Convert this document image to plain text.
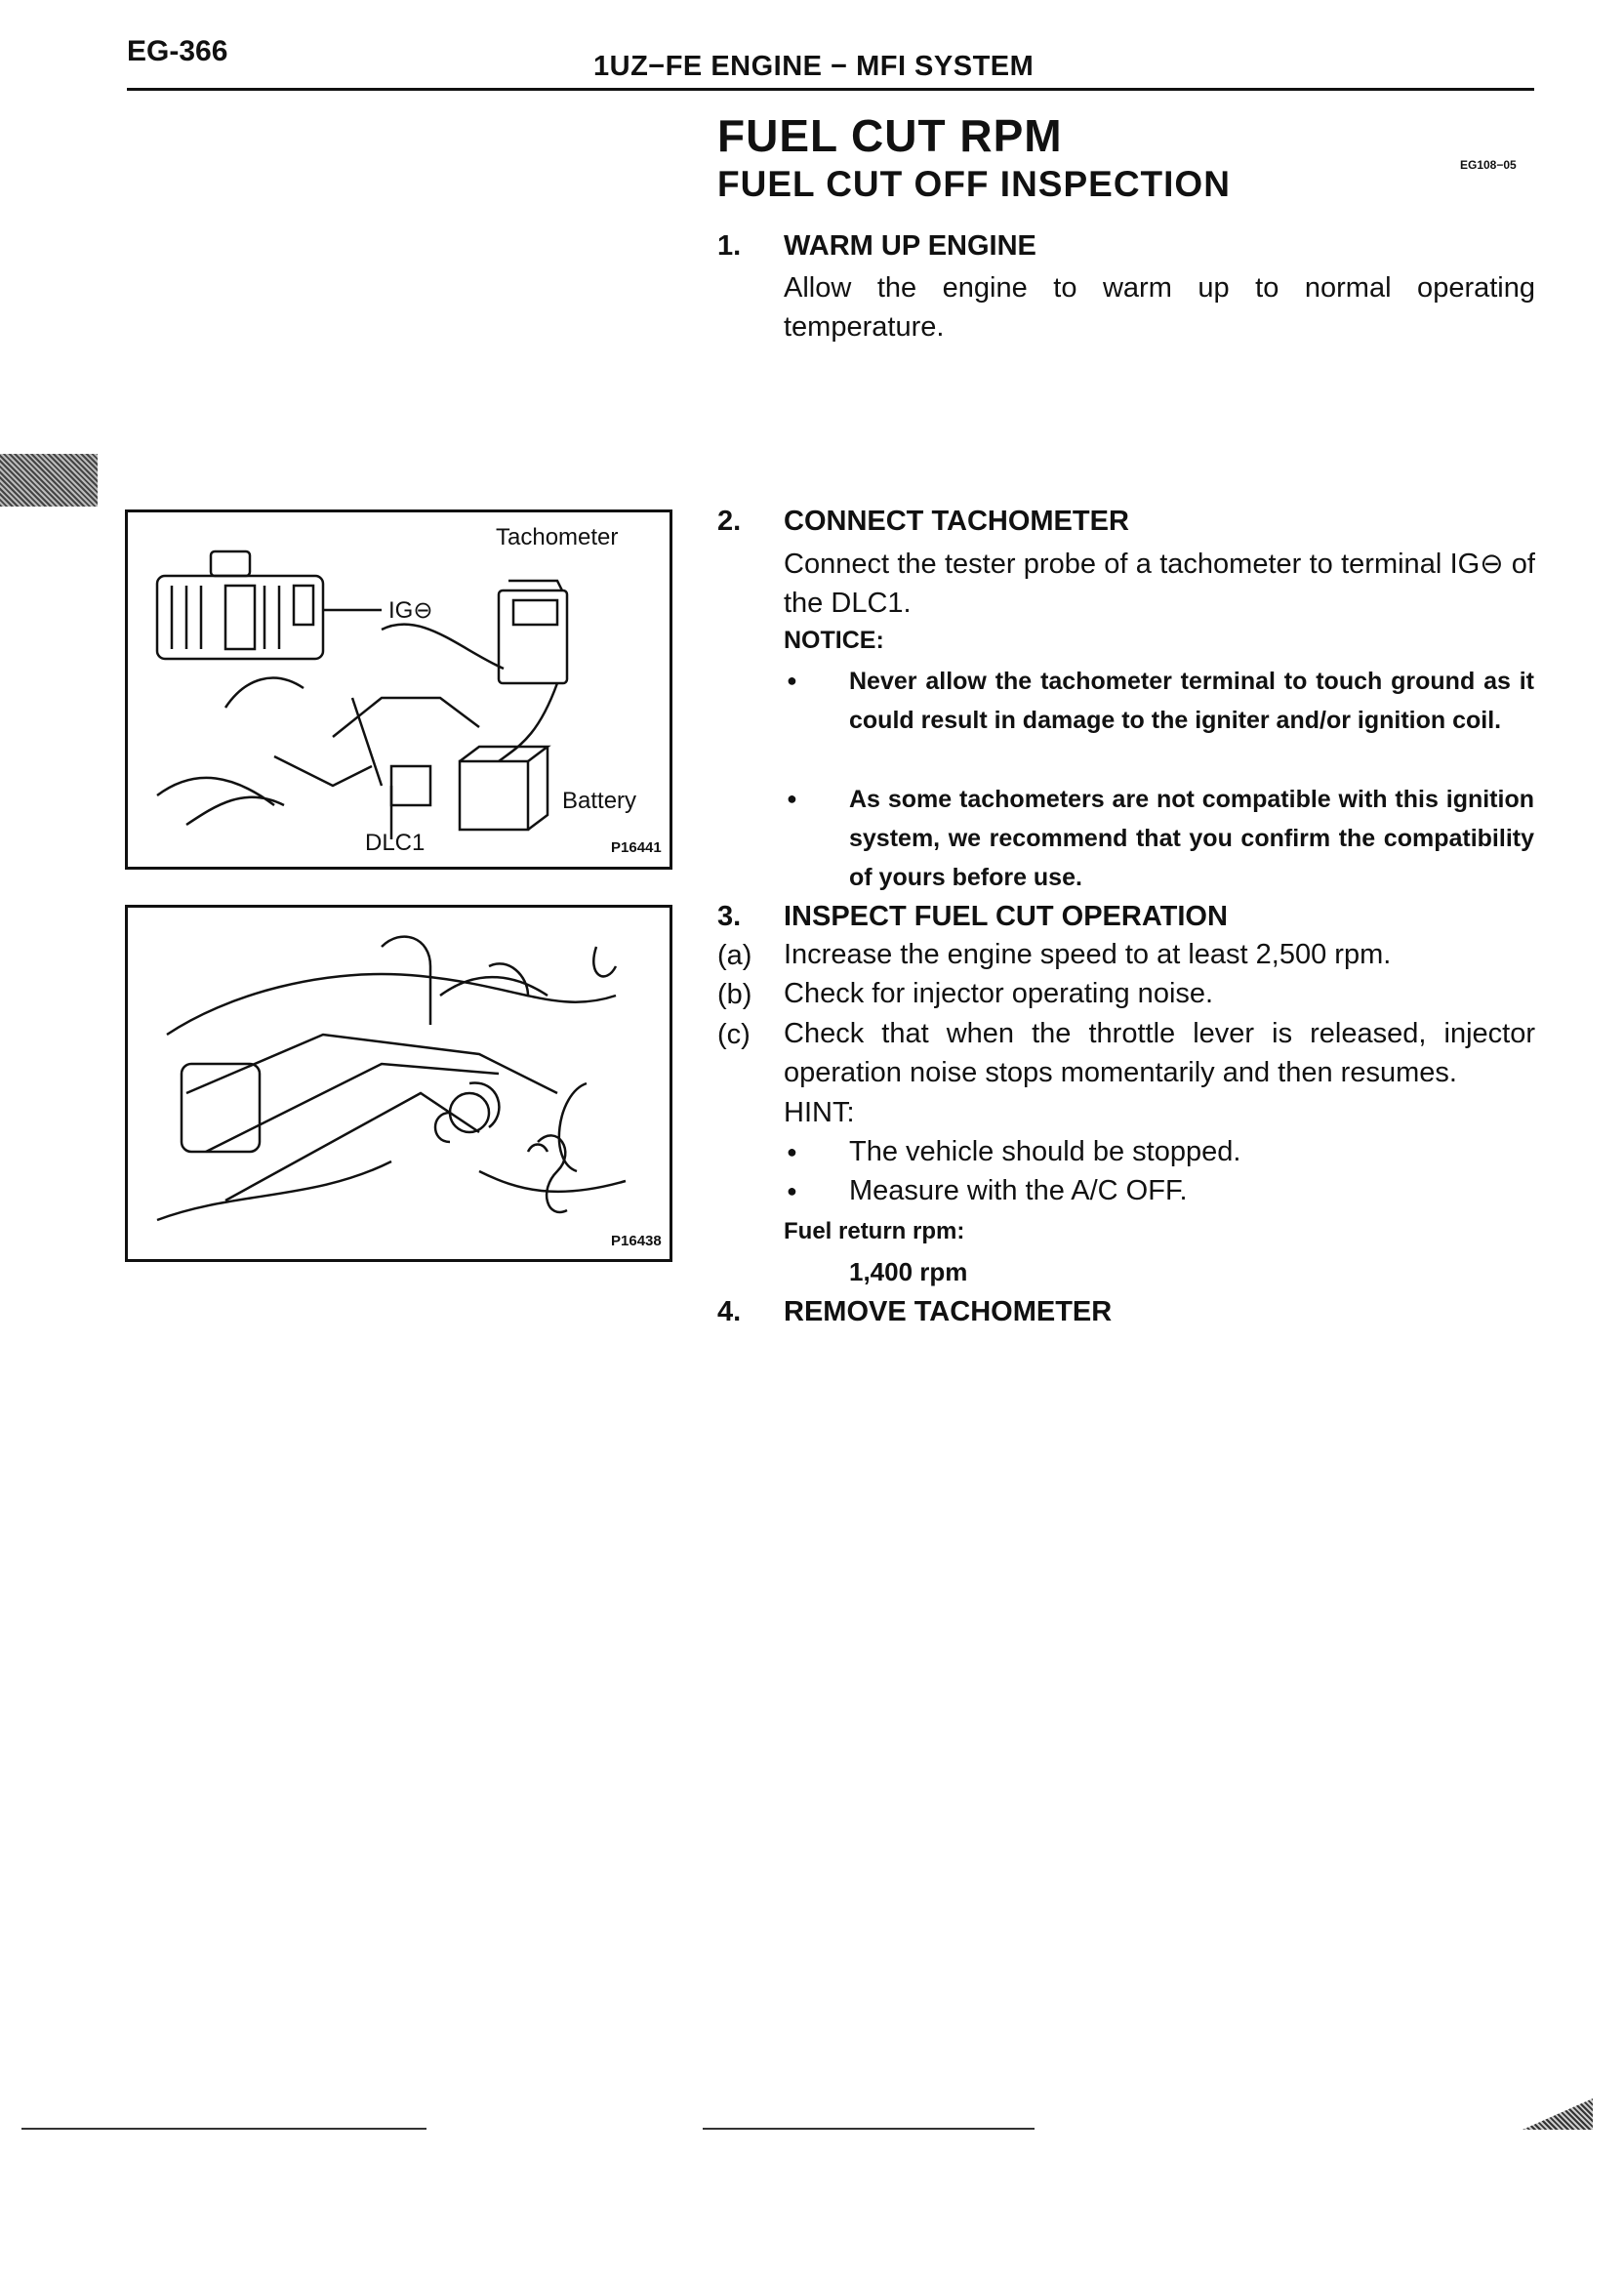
EG-366	1UZ−FE ENGINE − MFI SYSTEM
FUEL CUT RPM
FUEL CUT OFF INSPECTION	EG108−05
1. WARM UP ENGINE
Allow the engine to warm up to normal operating temperature.
2. CONNECT TACHOMETER
Connect the tester probe of a tachometer to terminal IG⊖ of the DLC1.
NOTICE:
● Never allow the tachometer terminal to touch ground as it could result in damage to the igniter and/or ignition coil.
● As some tachometers are not compatible with this ignition system, we recommend that you confirm the compatibility of yours before use.
3. INSPECT FUEL CUT OPERATION
(a) Increase the engine speed to at least 2,500 rpm.
(b) Check for injector operating noise.
(c) Check that when the throttle lever is released, injector operation noise stops momentarily and then resumes.
HINT:
● The vehicle should be stopped.
● Measure with the A/C OFF.
Fuel return rpm:
1,400 rpm
4. REMOVE TACHOMETER
Tachometer
IG⊖
Battery
DLC1	P16441
P16438
